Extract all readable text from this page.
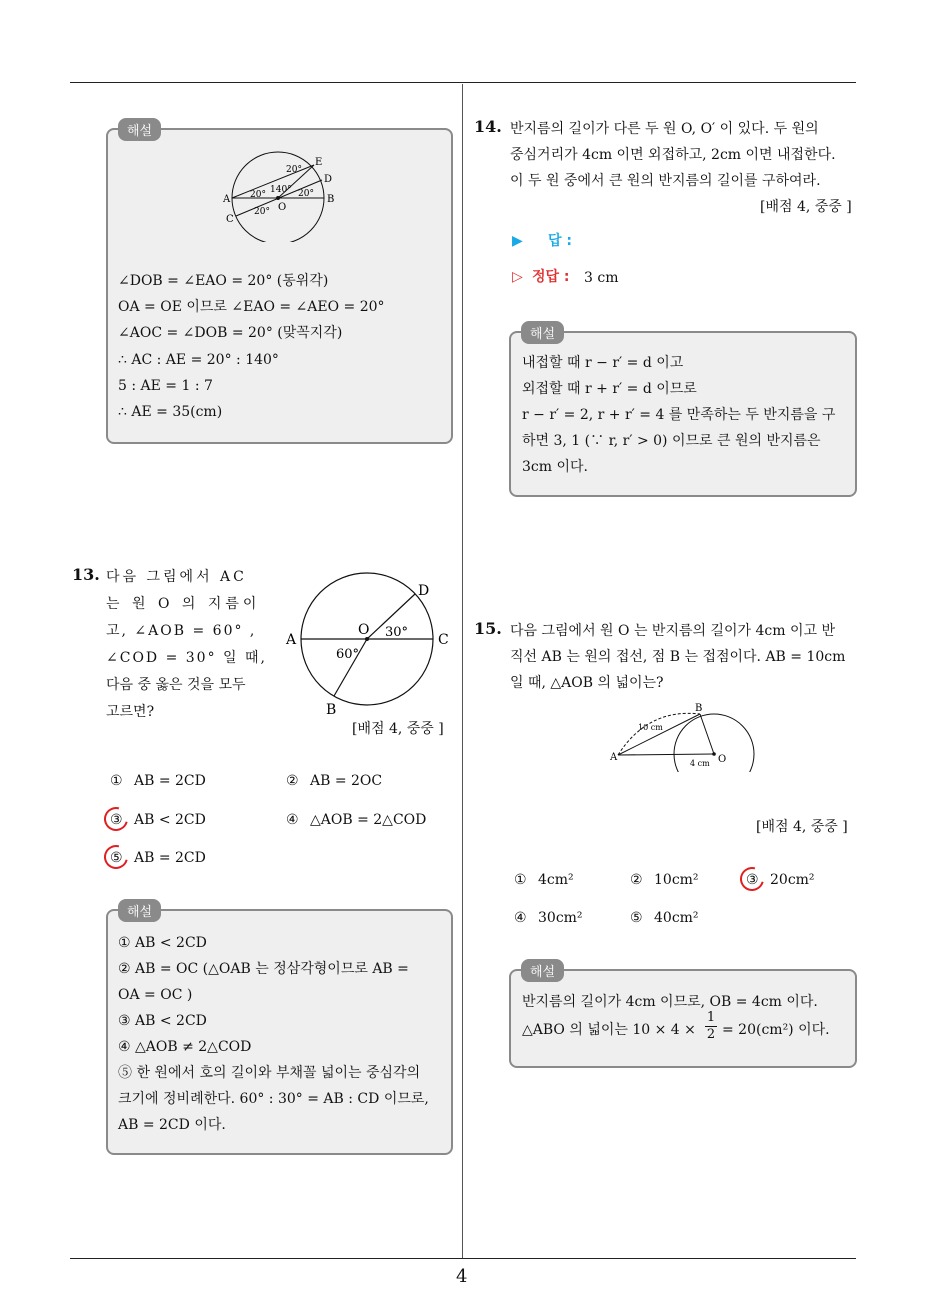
4
해설
20°
140°
20°	20°
20°
E
D
A	B
C
O
∠DOB = ∠EAO = 20° (동위각)
OA = OE 이므로 ∠EAO = ∠AEO = 20°
∠AOC = ∠DOB = 20° (맞꼭지각)
∴ AC : AE = 20° : 140°
5 : AE = 1 : 7
∴ AE = 35(cm)
13. 다음 그림에서 AC
는 원 O 의 지름이
고, ∠AOB = 60° ,
∠COD = 30° 일 때,
다음 중 옳은 것을 모두
고르면?
O 30°
60°
A	C
D
B
[배점 4, 중중 ]
① AB = 2CD	② AB = 2OC
③ AB < 2CD	④ △AOB = 2△COD
⑤ AB = 2CD
해설
① AB < 2CD
② AB = OC (△OAB 는 정삼각형이므로 AB =
OA = OC )
③ AB < 2CD
④ △AOB ≠ 2△COD
⑤ 한 원에서 호의 길이와 부채꼴 넓이는 중심각의
크기에 정비례한다. 60° : 30° = AB : CD 이므로,
AB = 2CD 이다.
14. 반지름의 길이가 다른 두 원 O, O′ 이 있다. 두 원의
중심거리가 4cm 이면 외접하고, 2cm 이면 내접한다.
이 두 원 중에서 큰 원의 반지름의 길이를 구하여라.
[배점 4, 중중 ]
▶ 답 :
▷ 정답 : 3 cm
해설
내접할 때 r − r′ = d 이고
외접할 때 r + r′ = d 이므로
r − r′ = 2, r + r′ = 4 를 만족하는 두 반지름을 구
하면 3, 1 (∵ r, r′ > 0) 이므로 큰 원의 반지름은
3cm 이다.
15. 다음 그림에서 원 O 는 반지름의 길이가 4cm 이고 반
직선 AB 는 원의 접선, 점 B 는 접점이다. AB = 10cm
일 때, △AOB 의 넓이는?
10 cm
4 cm
A
B
O
[배점 4, 중중 ]
① 4cm²	② 10cm²	③ 20cm²
④ 30cm²	⑤ 40cm²
해설
반지름의 길이가 4cm 이므로, OB = 4cm 이다.
△ABO 의 넓이는 $10 \times 4 \times \frac{1}{2} = 20(cm^2)$ 이다.
